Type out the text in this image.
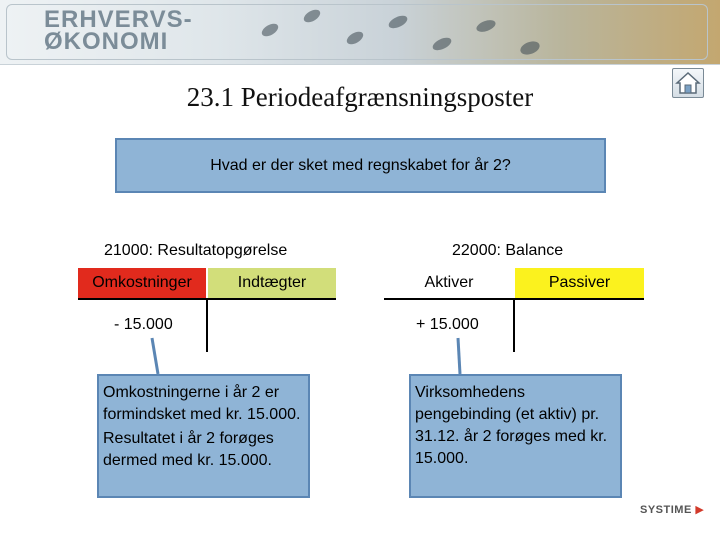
ERHVERVS-
ØKONOMI
23.1 Periodeafgrænsningsposter
Hvad er der sket med regnskabet for år 2?
21000: Resultatopgørelse
Omkostninger	Indtægter
- 15.000
22000: Balance
Aktiver	Passiver
+ 15.000

Omkostningerne i år 2 er formindsket med kr. 15.000.

Resultatet i år 2 forøges dermed med kr. 15.000.

Virksomhedens pengebinding (et aktiv) pr. 31.12. år 2 forøges med kr. 15.000.

SYSTIME ▶
